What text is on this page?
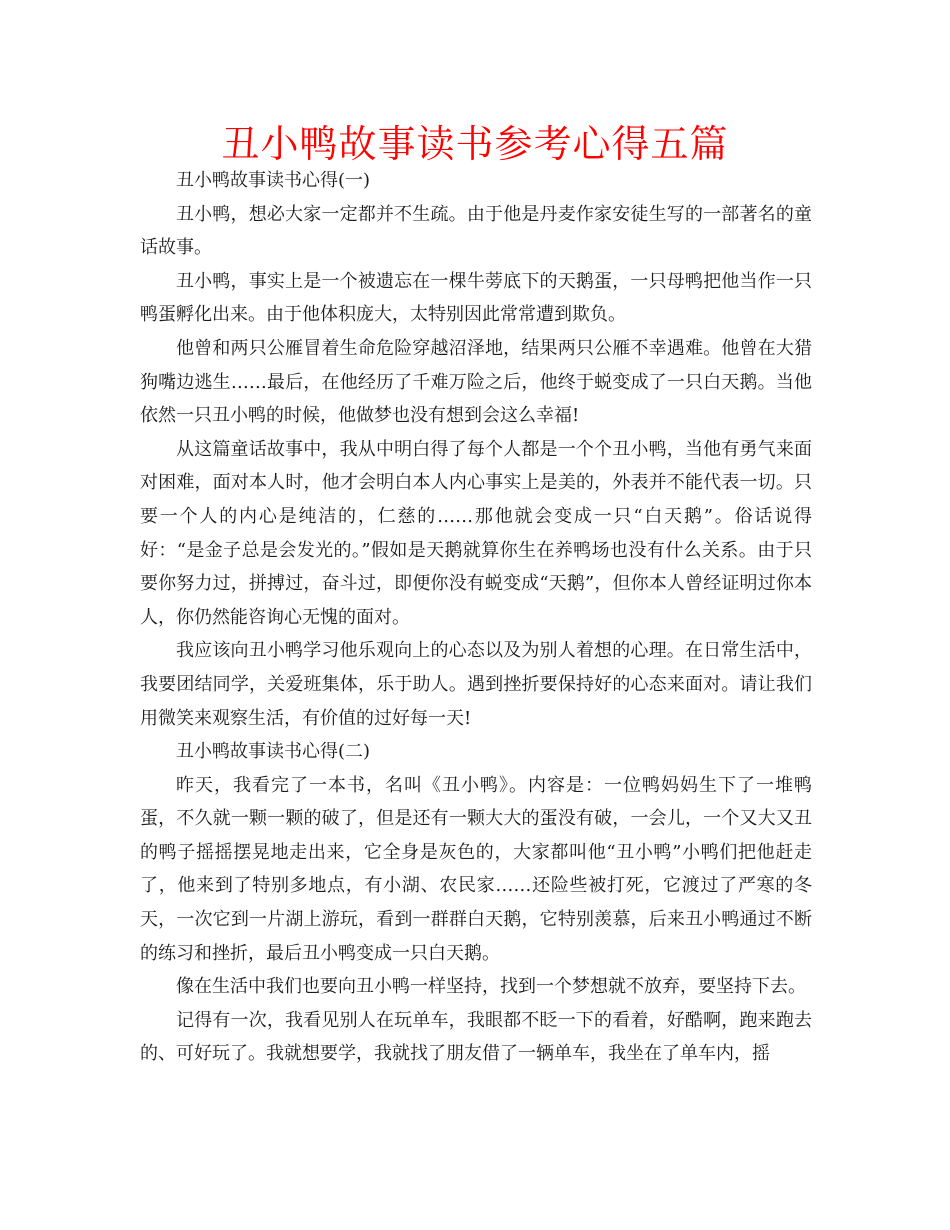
丑小鸭故事读书参考心得五篇

丑小鸭故事读书心得(一)

丑小鸭，想必大家一定都并不生疏。由于他是丹麦作家安徒生写的一部著名的童话故事。

丑小鸭，事实上是一个被遗忘在一棵牛蒡底下的天鹅蛋，一只母鸭把他当作一只鸭蛋孵化出来。由于他体积庞大，太特别因此常常遭到欺负。

他曾和两只公雁冒着生命危险穿越沼泽地，结果两只公雁不幸遇难。他曾在大猎狗嘴边逃生……最后，在他经历了千难万险之后，他终于蜕变成了一只白天鹅。当他依然一只丑小鸭的时候，他做梦也没有想到会这么幸福!

从这篇童话故事中，我从中明白得了每个人都是一个个丑小鸭，当他有勇气来面对困难，面对本人时，他才会明白本人内心事实上是美的，外表并不能代表一切。只要一个人的内心是纯洁的，仁慈的……那他就会变成一只“白天鹅”。俗话说得好：“是金子总是会发光的。”假如是天鹅就算你生在养鸭场也没有什么关系。由于只要你努力过，拼搏过，奋斗过，即便你没有蜕变成“天鹅”，但你本人曾经证明过你本人，你仍然能咨询心无愧的面对。

我应该向丑小鸭学习他乐观向上的心态以及为别人着想的心理。在日常生活中，我要团结同学，关爱班集体，乐于助人。遇到挫折要保持好的心态来面对。请让我们用微笑来观察生活，有价值的过好每一天!

丑小鸭故事读书心得(二)

昨天，我看完了一本书，名叫《丑小鸭》。内容是：一位鸭妈妈生下了一堆鸭蛋，不久就一颗一颗的破了，但是还有一颗大大的蛋没有破，一会儿，一个又大又丑的鸭子摇摇摆晃地走出来，它全身是灰色的，大家都叫他“丑小鸭”小鸭们把他赶走了，他来到了特别多地点，有小湖、农民家……还险些被打死，它渡过了严寒的冬天，一次它到一片湖上游玩，看到一群群白天鹅，它特别羡慕，后来丑小鸭通过不断的练习和挫折，最后丑小鸭变成一只白天鹅。

像在生活中我们也要向丑小鸭一样坚持，找到一个梦想就不放弃，要坚持下去。

记得有一次，我看见别人在玩单车，我眼都不眨一下的看着，好酷啊，跑来跑去的、可好玩了。我就想要学，我就找了朋友借了一辆单车，我坐在了单车内，摇
